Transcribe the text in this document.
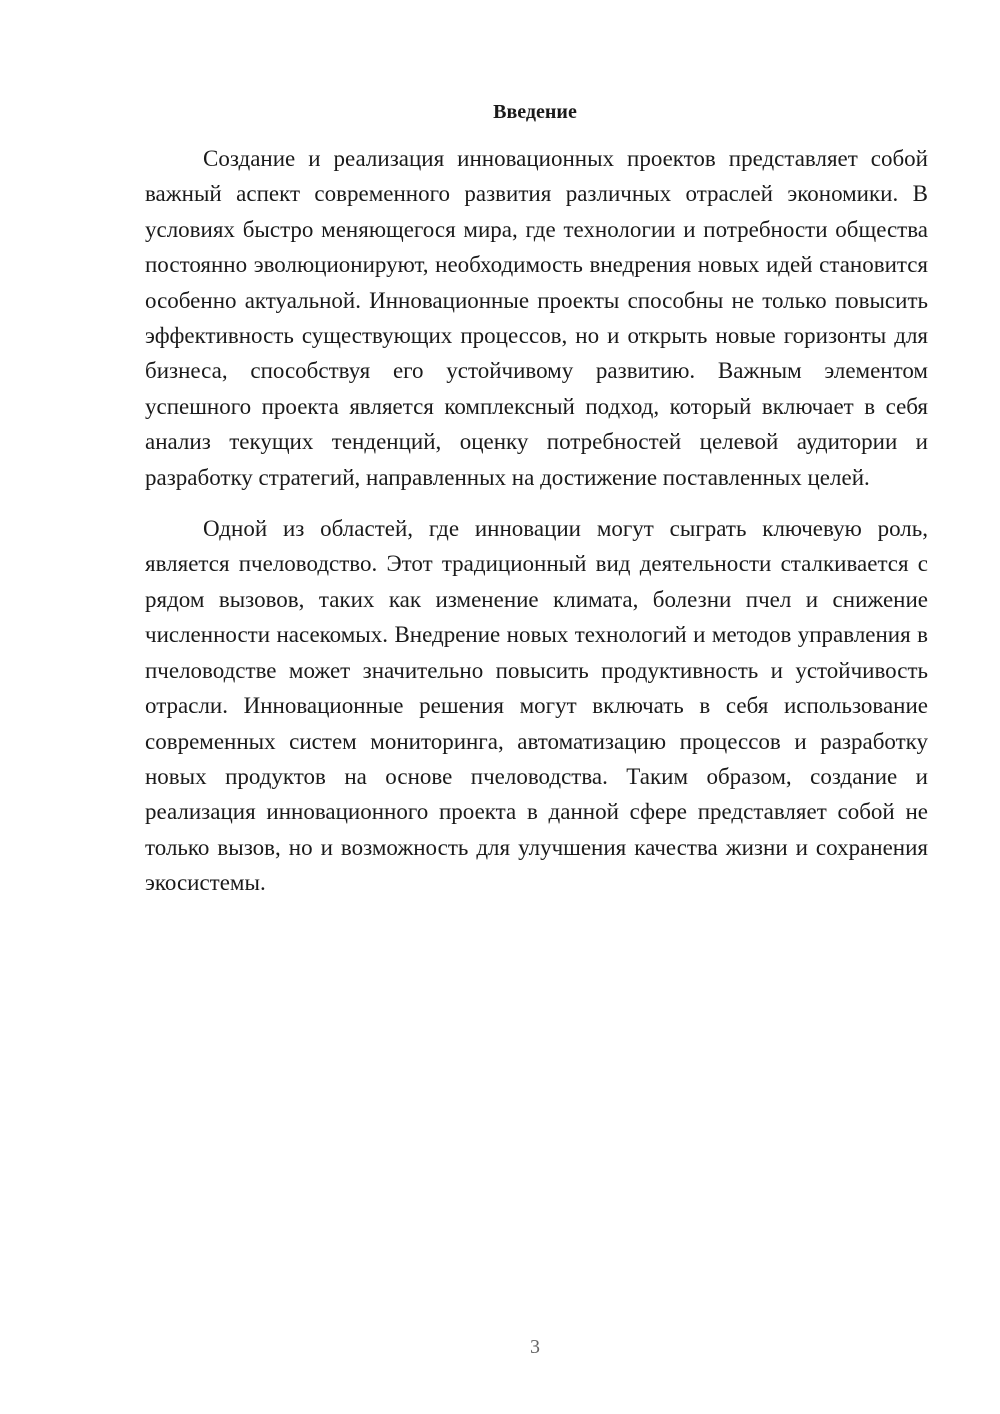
Введение

Создание и реализация инновационных проектов представляет собой важный аспект современного развития различных отраслей экономики. В условиях быстро меняющегося мира, где технологии и потребности общества постоянно эволюционируют, необходимость внедрения новых идей становится особенно актуальной. Инновационные проекты способны не только повысить эффективность существующих процессов, но и открыть новые горизонты для бизнеса, способствуя его устойчивому развитию. Важным элементом успешного проекта является комплексный подход, который включает в себя анализ текущих тенденций, оценку потребностей целевой аудитории и разработку стратегий, направленных на достижение поставленных целей.

Одной из областей, где инновации могут сыграть ключевую роль, является пчеловодство. Этот традиционный вид деятельности сталкивается с рядом вызовов, таких как изменение климата, болезни пчел и снижение численности насекомых. Внедрение новых технологий и методов управления в пчеловодстве может значительно повысить продуктивность и устойчивость отрасли. Инновационные решения могут включать в себя использование современных систем мониторинга, автоматизацию процессов и разработку новых продуктов на основе пчеловодства. Таким образом, создание и реализация инновационного проекта в данной сфере представляет собой не только вызов, но и возможность для улучшения качества жизни и сохранения экосистемы.

3
